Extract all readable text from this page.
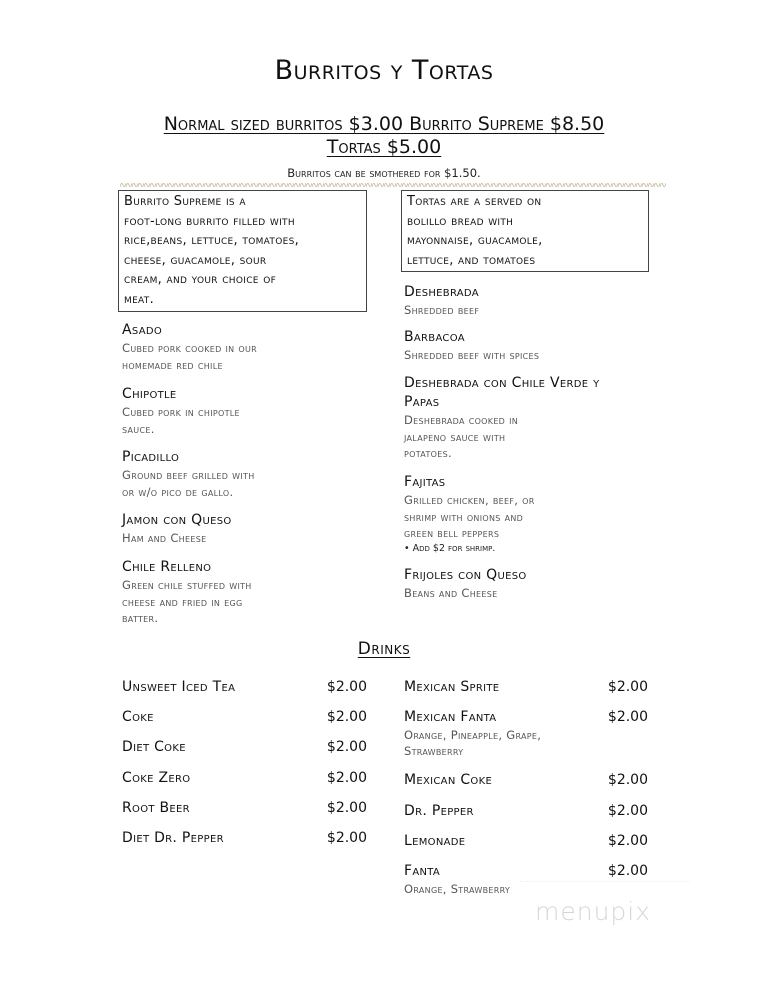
Burritos y Tortas
Normal sized burritos $3.00 Burrito Supreme $8.50
Tortas $5.00
Burritos can be smothered for $1.50.
Burrito Supreme is a
foot-long burrito filled with
rice,beans, lettuce, tomatoes,
cheese, guacamole, sour
cream, and your choice of
meat.
Tortas are a served on
bolillo bread with
mayonnaise, guacamole,
lettuce, and tomatoes
Asado
Cubed pork cooked in our
homemade red chile
Chipotle
Cubed pork in chipotle
sauce.
Picadillo
Ground beef grilled with
or w/o pico de gallo.
Jamon con Queso
Ham and Cheese
Chile Relleno
Green chile stuffed with
cheese and fried in egg
batter.
Deshebrada
Shredded beef
Barbacoa
Shredded beef with spices
Deshebrada con Chile Verde y
Papas
Deshebrada cooked in
jalapeno sauce with
potatoes.
Fajitas
Grilled chicken, beef, or
shrimp with onions and
green bell peppers
• Add $2 for shrimp.
Frijoles con Queso
Beans and Cheese
Drinks
Unsweet Iced Tea	$2.00
Coke	$2.00
Diet Coke	$2.00
Coke Zero	$2.00
Root Beer	$2.00
Diet Dr. Pepper	$2.00
Mexican Sprite	$2.00
Mexican Fanta	$2.00
Orange, Pineapple, Grape,
Strawberry
Mexican Coke	$2.00
Dr. Pepper	$2.00
Lemonade	$2.00
Fanta	$2.00
Orange, Strawberry
menupix
